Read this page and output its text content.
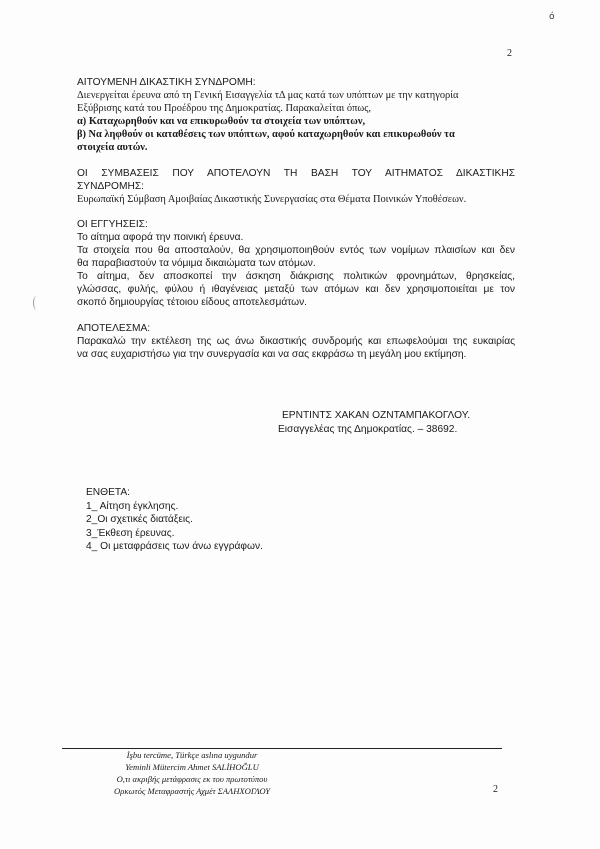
ó
2

ΑΙΤΟΥΜΕΝΗ ΔΙΚΑΣΤΙΚΗ ΣΥΝΔΡΟΜΗ:

Διενεργείται έρευνα από τη Γενική Εισαγγελία τΔ μας κατά των υπόπτων με την κατηγορία

Εξύβρισης κατά του Προέδρου της Δημοκρατίας. Παρακαλείται όπως,

α) Καταχωρηθούν και να επικυρωθούν τα στοιχεία των υπόπτων,

β) Να ληφθούν οι καταθέσεις των υπόπτων, αφού καταχωρηθούν και επικυρωθούν τα

στοιχεία αυτών.

ΟΙ ΣΥΜΒΑΣΕΙΣ ΠΟΥ ΑΠΟΤΕΛΟΥΝ ΤΗ ΒΑΣΗ ΤΟΥ ΑΙΤΗΜΑΤΟΣ ΔΙΚΑΣΤΙΚΗΣ

ΣΥΝΔΡΟΜΗΣ:

Ευρωπαϊκή Σύμβαση Αμοιβαίας Δικαστικής Συνεργασίας στα Θέματα Ποινικών Υποθέσεων.

ΟΙ ΕΓΓΥΗΣΕΙΣ:

Το αίτημα αφορά την ποινική έρευνα.

Τα στοιχεία που θα αποσταλούν, θα χρησιμοποιηθούν εντός των νομίμων πλαισίων και δεν

θα παραβιαστούν τα νόμιμα δικαιώματα των ατόμων.

Το αίτημα, δεν αποσκοπεί την άσκηση διάκρισης πολιτικών φρονημάτων, θρησκείας,

γλώσσας, φυλής, φύλου ή ιθαγένειας μεταξύ των ατόμων και δεν χρησιμοποιείται με τον

σκοπό δημιουργίας τέτοιου είδους αποτελεσμάτων.

ΑΠΟΤΕΛΕΣΜΑ:

Παρακαλώ την εκτέλεση της ως άνω δικαστικής συνδρομής και επωφελούμαι της ευκαιρίας

να σας ευχαριστήσω για την συνεργασία και να σας εκφράσω τη μεγάλη μου εκτίμηση.

ΕΡΝΤΙΝΤΣ ΧΑΚΑΝ ΟΖΝΤΑΜΠΑΚΟΓΛΟΥ.
Εισαγγελέας της Δημοκρατίας. – 38692.
ΕΝΘΕΤΑ:
1_ Αίτηση έγκλησης.
2_Οι σχετικές διατάξεις.
3_Έκθεση έρευνας.
4_ Οι μεταφράσεις των άνω εγγράφων.
İşbu tercüme, Türkçe aslına uygundur
Yeminli Mütercim Ahmet SALİHOĞLU
Ο,τι ακριβής μετάφρασις εκ του πρωτοτύπου
Ορκωτός Μεταφραστής Αχμέτ ΣΑΛΗΧΟΓΛΟΥ	2
